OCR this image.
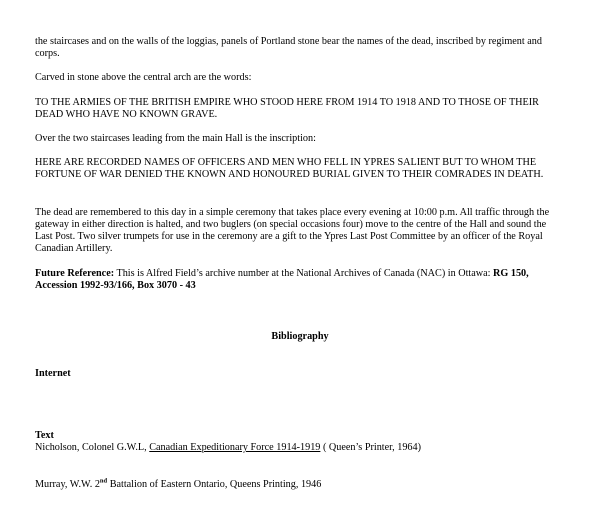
the staircases and on the walls of the loggias, panels of Portland stone bear the names of the dead, inscribed by regiment and corps.

Carved in stone above the central arch are the words:

TO THE ARMIES OF THE BRITISH EMPIRE WHO STOOD HERE FROM 1914 TO 1918 AND TO THOSE OF THEIR DEAD WHO HAVE NO KNOWN GRAVE.

Over the two staircases leading from the main Hall is the inscription:

HERE ARE RECORDED NAMES OF OFFICERS AND MEN WHO FELL IN YPRES SALIENT BUT TO WHOM THE FORTUNE OF WAR DENIED THE KNOWN AND HONOURED BURIAL GIVEN TO THEIR COMRADES IN DEATH.

The dead are remembered to this day in a simple ceremony that takes place every evening at 10:00 p.m. All traffic through the gateway in either direction is halted, and two buglers (on special occasions four) move to the centre of the Hall and sound the Last Post. Two silver trumpets for use in the ceremony are a gift to the Ypres Last Post Committee by an officer of the Royal Canadian Artillery.

Future Reference: This is Alfred Field’s archive number at the National Archives of Canada (NAC) in Ottawa: RG 150, Accession 1992-93/166, Box 3070 - 43

Bibliography

Internet

Text

Nicholson, Colonel G.W.L, Canadian Expeditionary Force 1914-1919 ( Queen’s Printer, 1964)

Murray, W.W. 2nd Battalion of Eastern Ontario, Queens Printing, 1946
